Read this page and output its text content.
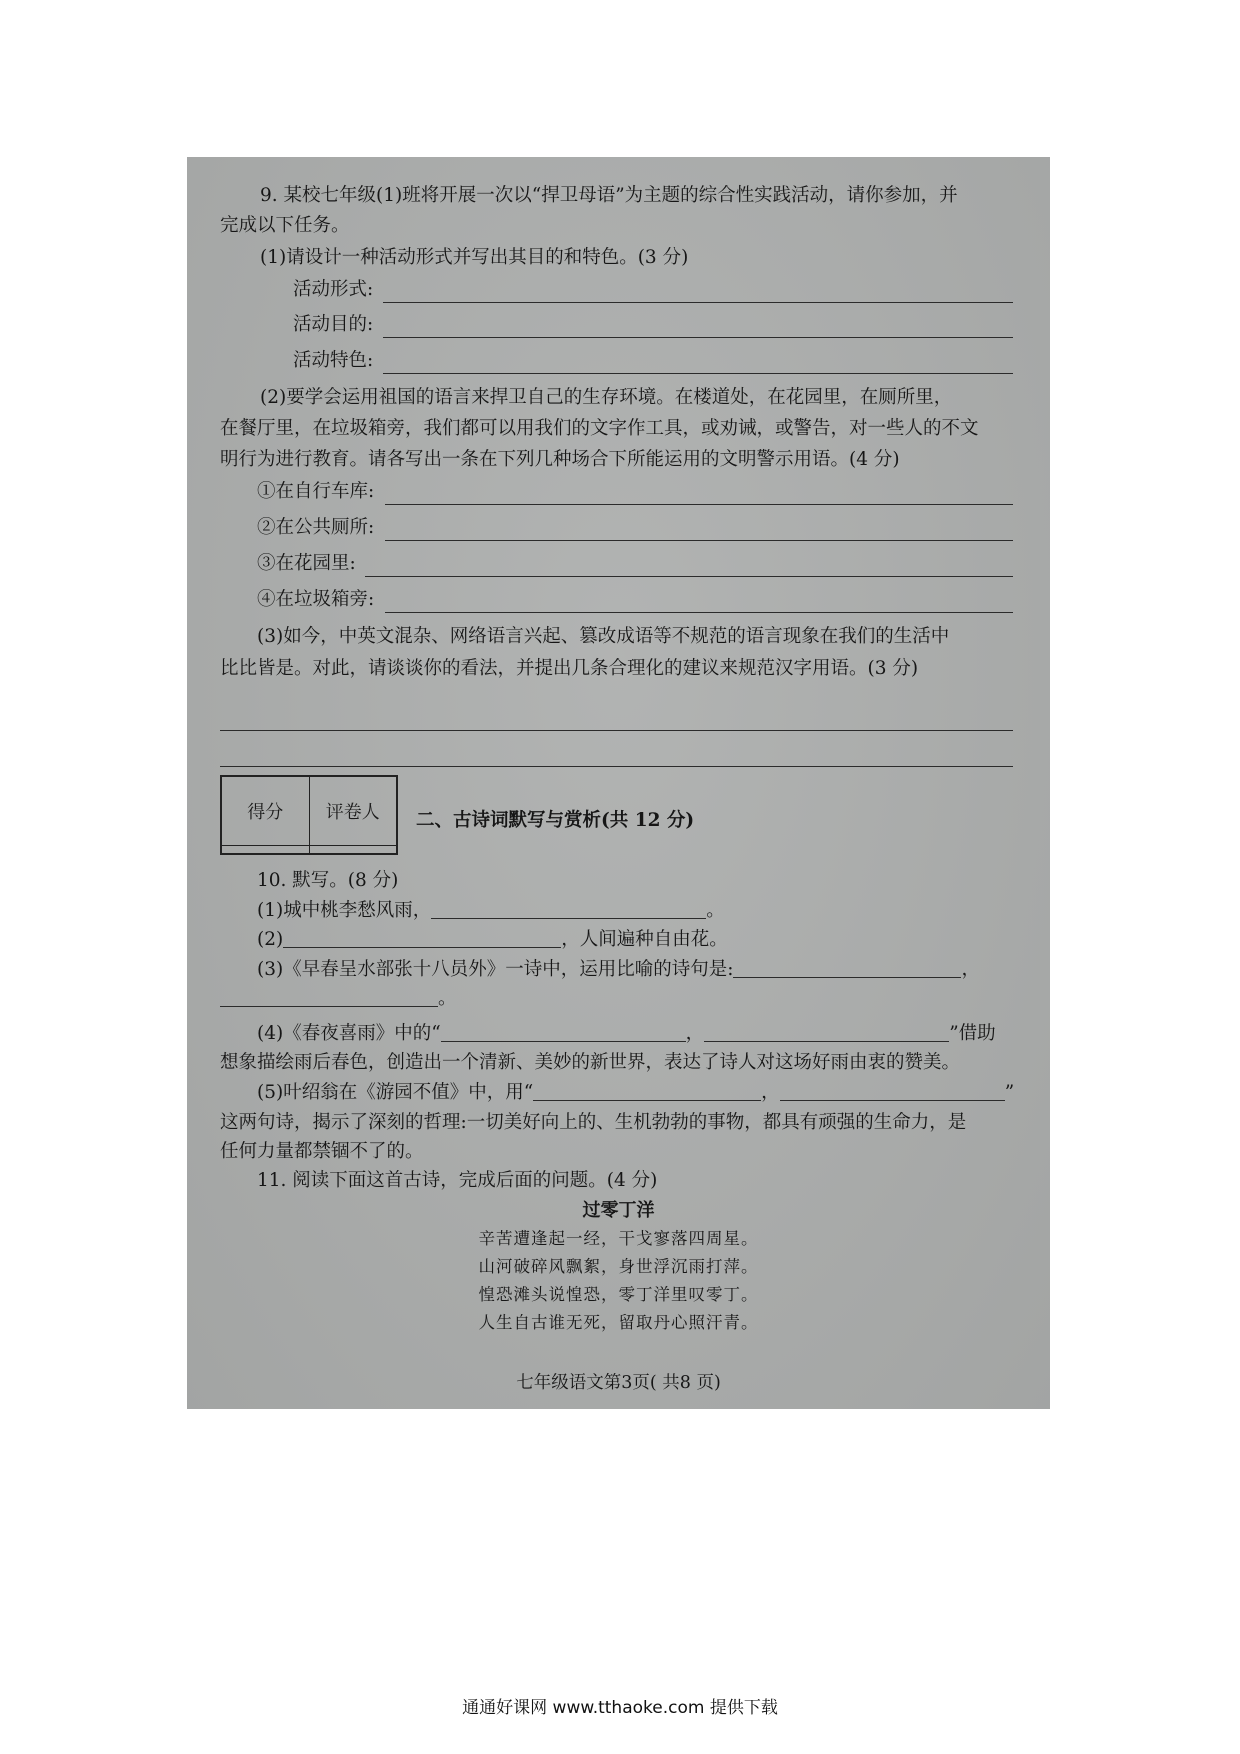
9. 某校七年级(1)班将开展一次以“捍卫母语”为主题的综合性实践活动，请你参加，并
完成以下任务。
(1)请设计一种活动形式并写出其目的和特色。(3 分)
活动形式:
活动目的:
活动特色:
(2)要学会运用祖国的语言来捍卫自己的生存环境。在楼道处，在花园里，在厕所里，
在餐厅里，在垃圾箱旁，我们都可以用我们的文字作工具，或劝诫，或警告，对一些人的不文
明行为进行教育。请各写出一条在下列几种场合下所能运用的文明警示用语。(4 分)
①在自行车库:
②在公共厕所:
③在花园里:
④在垃圾箱旁:
(3)如今，中英文混杂、网络语言兴起、篡改成语等不规范的语言现象在我们的生活中
比比皆是。对此，请谈谈你的看法，并提出几条合理化的建议来规范汉字用语。(3 分)
得分	评卷人
	二、古诗词默写与赏析(共 12 分)
10. 默写。(8 分)
(1)城中桃李愁风雨，	。
(2)	，人间遍种自由花。
(3)《早春呈水部张十八员外》一诗中，运用比喻的诗句是:	，
。
(4)《春夜喜雨》中的“	，	”借助
想象描绘雨后春色，创造出一个清新、美妙的新世界，表达了诗人对这场好雨由衷的赞美。
(5)叶绍翁在《游园不值》中，用“	，	”
这两句诗，揭示了深刻的哲理:一切美好向上的、生机勃勃的事物，都具有顽强的生命力，是
任何力量都禁锢不了的。
11. 阅读下面这首古诗，完成后面的问题。(4 分)
过零丁洋
辛苦遭逢起一经，干戈寥落四周星。
山河破碎风飘絮，身世浮沉雨打萍。
惶恐滩头说惶恐，零丁洋里叹零丁。
人生自古谁无死，留取丹心照汗青。
七年级语文第3页( 共8 页)
通通好课网 www.tthaoke.com 提供下载
